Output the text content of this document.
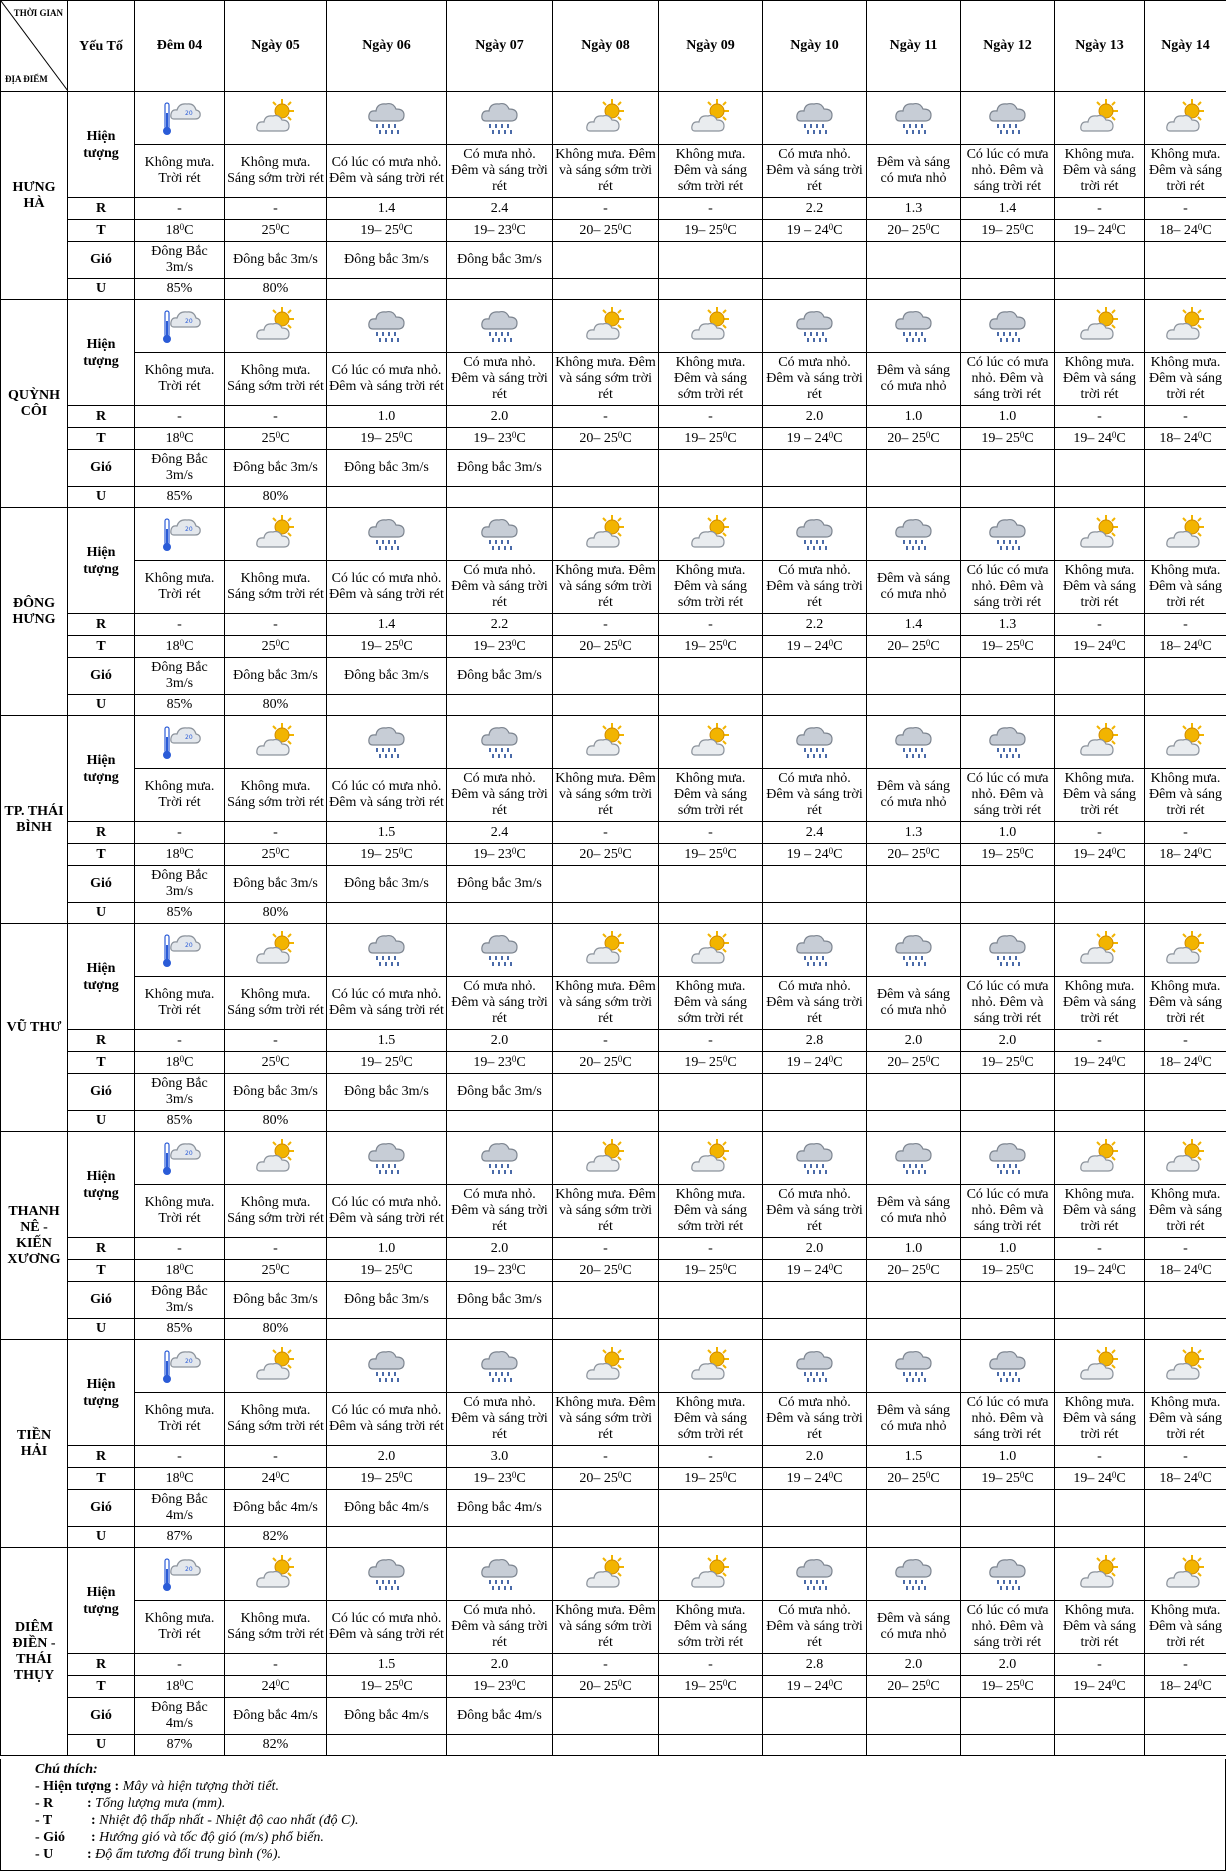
THỜI GIAN
ĐỊA ĐIỂM	Yếu Tố	Đêm 04	Ngày 05	Ngày 06	Ngày 07	Ngày 08	Ngày 09	Ngày 10	Ngày 11	Ngày 12	Ngày 13	Ngày 14
HƯNG HÀ	Hiện tượng	20

		Không mưa. Trời rét	Không mưa. Sáng sớm trời rét	Có lúc có mưa nhỏ. Đêm và sáng trời rét	Có mưa nhỏ. Đêm và sáng trời rét	Không mưa. Đêm và sáng sớm trời rét	Không mưa. Đêm và sáng sớm trời rét	Có mưa nhỏ. Đêm và sáng trời rét	Đêm và sáng có mưa nhỏ	Có lúc có mưa nhỏ. Đêm và sáng trời rét	Không mưa. Đêm và sáng trời rét	Không mưa. Đêm và sáng trời rét
	R	-	-	1.4	2.4	-	-	2.2	1.3	1.4	-	-
	T	$18^0C$	$25^0C$	19– $25^0C$	19– $23^0C$	20– $25^0C$	19– $25^0C$	$19 - 24^0C$	20– $25^0C$	19– $25^0C$	19– $24^0C$	18– $24^0C$
	Gió	Đông Bắc 3m/s	Đông bắc 3m/s	Đông bắc 3m/s	Đông bắc 3m/s							
	U	85%	80%									
QUỲNH CÔI	Hiện tượng	20

		Không mưa. Trời rét	Không mưa. Sáng sớm trời rét	Có lúc có mưa nhỏ. Đêm và sáng trời rét	Có mưa nhỏ. Đêm và sáng trời rét	Không mưa. Đêm và sáng sớm trời rét	Không mưa. Đêm và sáng sớm trời rét	Có mưa nhỏ. Đêm và sáng trời rét	Đêm và sáng có mưa nhỏ	Có lúc có mưa nhỏ. Đêm và sáng trời rét	Không mưa. Đêm và sáng trời rét	Không mưa. Đêm và sáng trời rét
	R	-	-	1.0	2.0	-	-	2.0	1.0	1.0	-	-
	T	$18^0C$	$25^0C$	19– $25^0C$	19– $23^0C$	20– $25^0C$	19– $25^0C$	$19 - 24^0C$	20– $25^0C$	19– $25^0C$	19– $24^0C$	18– $24^0C$
	Gió	Đông Bắc 3m/s	Đông bắc 3m/s	Đông bắc 3m/s	Đông bắc 3m/s							
	U	85%	80%									
ĐÔNG HƯNG	Hiện tượng	20

		Không mưa. Trời rét	Không mưa. Sáng sớm trời rét	Có lúc có mưa nhỏ. Đêm và sáng trời rét	Có mưa nhỏ. Đêm và sáng trời rét	Không mưa. Đêm và sáng sớm trời rét	Không mưa. Đêm và sáng sớm trời rét	Có mưa nhỏ. Đêm và sáng trời rét	Đêm và sáng có mưa nhỏ	Có lúc có mưa nhỏ. Đêm và sáng trời rét	Không mưa. Đêm và sáng trời rét	Không mưa. Đêm và sáng trời rét
	R	-	-	1.4	2.2	-	-	2.2	1.4	1.3	-	-
	T	$18^0C$	$25^0C$	19– $25^0C$	19– $23^0C$	20– $25^0C$	19– $25^0C$	$19 - 24^0C$	20– $25^0C$	19– $25^0C$	19– $24^0C$	18– $24^0C$
	Gió	Đông Bắc 3m/s	Đông bắc 3m/s	Đông bắc 3m/s	Đông bắc 3m/s							
	U	85%	80%									
TP. THÁI BÌNH	Hiện tượng	20

		Không mưa. Trời rét	Không mưa. Sáng sớm trời rét	Có lúc có mưa nhỏ. Đêm và sáng trời rét	Có mưa nhỏ. Đêm và sáng trời rét	Không mưa. Đêm và sáng sớm trời rét	Không mưa. Đêm và sáng sớm trời rét	Có mưa nhỏ. Đêm và sáng trời rét	Đêm và sáng có mưa nhỏ	Có lúc có mưa nhỏ. Đêm và sáng trời rét	Không mưa. Đêm và sáng trời rét	Không mưa. Đêm và sáng trời rét
	R	-	-	1.5	2.4	-	-	2.4	1.3	1.0	-	-
	T	$18^0C$	$25^0C$	19– $25^0C$	19– $23^0C$	20– $25^0C$	19– $25^0C$	$19 - 24^0C$	20– $25^0C$	19– $25^0C$	19– $24^0C$	18– $24^0C$
	Gió	Đông Bắc 3m/s	Đông bắc 3m/s	Đông bắc 3m/s	Đông bắc 3m/s							
	U	85%	80%									
VŨ THƯ	Hiện tượng	20

		Không mưa. Trời rét	Không mưa. Sáng sớm trời rét	Có lúc có mưa nhỏ. Đêm và sáng trời rét	Có mưa nhỏ. Đêm và sáng trời rét	Không mưa. Đêm và sáng sớm trời rét	Không mưa. Đêm và sáng sớm trời rét	Có mưa nhỏ. Đêm và sáng trời rét	Đêm và sáng có mưa nhỏ	Có lúc có mưa nhỏ. Đêm và sáng trời rét	Không mưa. Đêm và sáng trời rét	Không mưa. Đêm và sáng trời rét
	R	-	-	1.5	2.0	-	-	2.8	2.0	2.0	-	-
	T	$18^0C$	$25^0C$	19– $25^0C$	19– $23^0C$	20– $25^0C$	19– $25^0C$	$19 - 24^0C$	20– $25^0C$	19– $25^0C$	19– $24^0C$	18– $24^0C$
	Gió	Đông Bắc 3m/s	Đông bắc 3m/s	Đông bắc 3m/s	Đông bắc 3m/s							
	U	85%	80%									
THANH NÊ - KIẾN XƯƠNG	Hiện tượng	20

		Không mưa. Trời rét	Không mưa. Sáng sớm trời rét	Có lúc có mưa nhỏ. Đêm và sáng trời rét	Có mưa nhỏ. Đêm và sáng trời rét	Không mưa. Đêm và sáng sớm trời rét	Không mưa. Đêm và sáng sớm trời rét	Có mưa nhỏ. Đêm và sáng trời rét	Đêm và sáng có mưa nhỏ	Có lúc có mưa nhỏ. Đêm và sáng trời rét	Không mưa. Đêm và sáng trời rét	Không mưa. Đêm và sáng trời rét
	R	-	-	1.0	2.0	-	-	2.0	1.0	1.0	-	-
	T	$18^0C$	$25^0C$	19– $25^0C$	19– $23^0C$	20– $25^0C$	19– $25^0C$	$19 - 24^0C$	20– $25^0C$	19– $25^0C$	19– $24^0C$	18– $24^0C$
	Gió	Đông Bắc 3m/s	Đông bắc 3m/s	Đông bắc 3m/s	Đông bắc 3m/s							
	U	85%	80%									
TIỀN HẢI	Hiện tượng	20

		Không mưa. Trời rét	Không mưa. Sáng sớm trời rét	Có lúc có mưa nhỏ. Đêm và sáng trời rét	Có mưa nhỏ. Đêm và sáng trời rét	Không mưa. Đêm và sáng sớm trời rét	Không mưa. Đêm và sáng sớm trời rét	Có mưa nhỏ. Đêm và sáng trời rét	Đêm và sáng có mưa nhỏ	Có lúc có mưa nhỏ. Đêm và sáng trời rét	Không mưa. Đêm và sáng trời rét	Không mưa. Đêm và sáng trời rét
	R	-	-	2.0	3.0	-	-	2.0	1.5	1.0	-	-
	T	$18^0C$	$24^0C$	19– $25^0C$	19– $23^0C$	20– $25^0C$	19– $25^0C$	$19 - 24^0C$	20– $25^0C$	19– $25^0C$	19– $24^0C$	18– $24^0C$
	Gió	Đông Bắc 4m/s	Đông bắc 4m/s	Đông bắc 4m/s	Đông bắc 4m/s							
	U	87%	82%									
DIÊM ĐIỀN - THÁI THỤY	Hiện tượng	20

		Không mưa. Trời rét	Không mưa. Sáng sớm trời rét	Có lúc có mưa nhỏ. Đêm và sáng trời rét	Có mưa nhỏ. Đêm và sáng trời rét	Không mưa. Đêm và sáng sớm trời rét	Không mưa. Đêm và sáng sớm trời rét	Có mưa nhỏ. Đêm và sáng trời rét	Đêm và sáng có mưa nhỏ	Có lúc có mưa nhỏ. Đêm và sáng trời rét	Không mưa. Đêm và sáng trời rét	Không mưa. Đêm và sáng trời rét
	R	-	-	1.5	2.0	-	-	2.8	2.0	2.0	-	-
	T	$18^0C$	$24^0C$	19– $25^0C$	19– $23^0C$	20– $25^0C$	19– $25^0C$	$19 - 24^0C$	20– $25^0C$	19– $25^0C$	19– $24^0C$	18– $24^0C$
	Gió	Đông Bắc 4m/s	Đông bắc 4m/s	Đông bắc 4m/s	Đông bắc 4m/s							
	U	87%	82%									
Chú thích:
- Hiện tượng : Mây và hiện tượng thời tiết.
- R : Tổng lượng mưa (mm).
- T	: Nhiệt độ thấp nhất - Nhiệt độ cao nhất (độ C).
- Gió : Hướng gió và tốc độ gió (m/s) phổ biến.
- U : Độ ẩm tương đối trung bình (%).
